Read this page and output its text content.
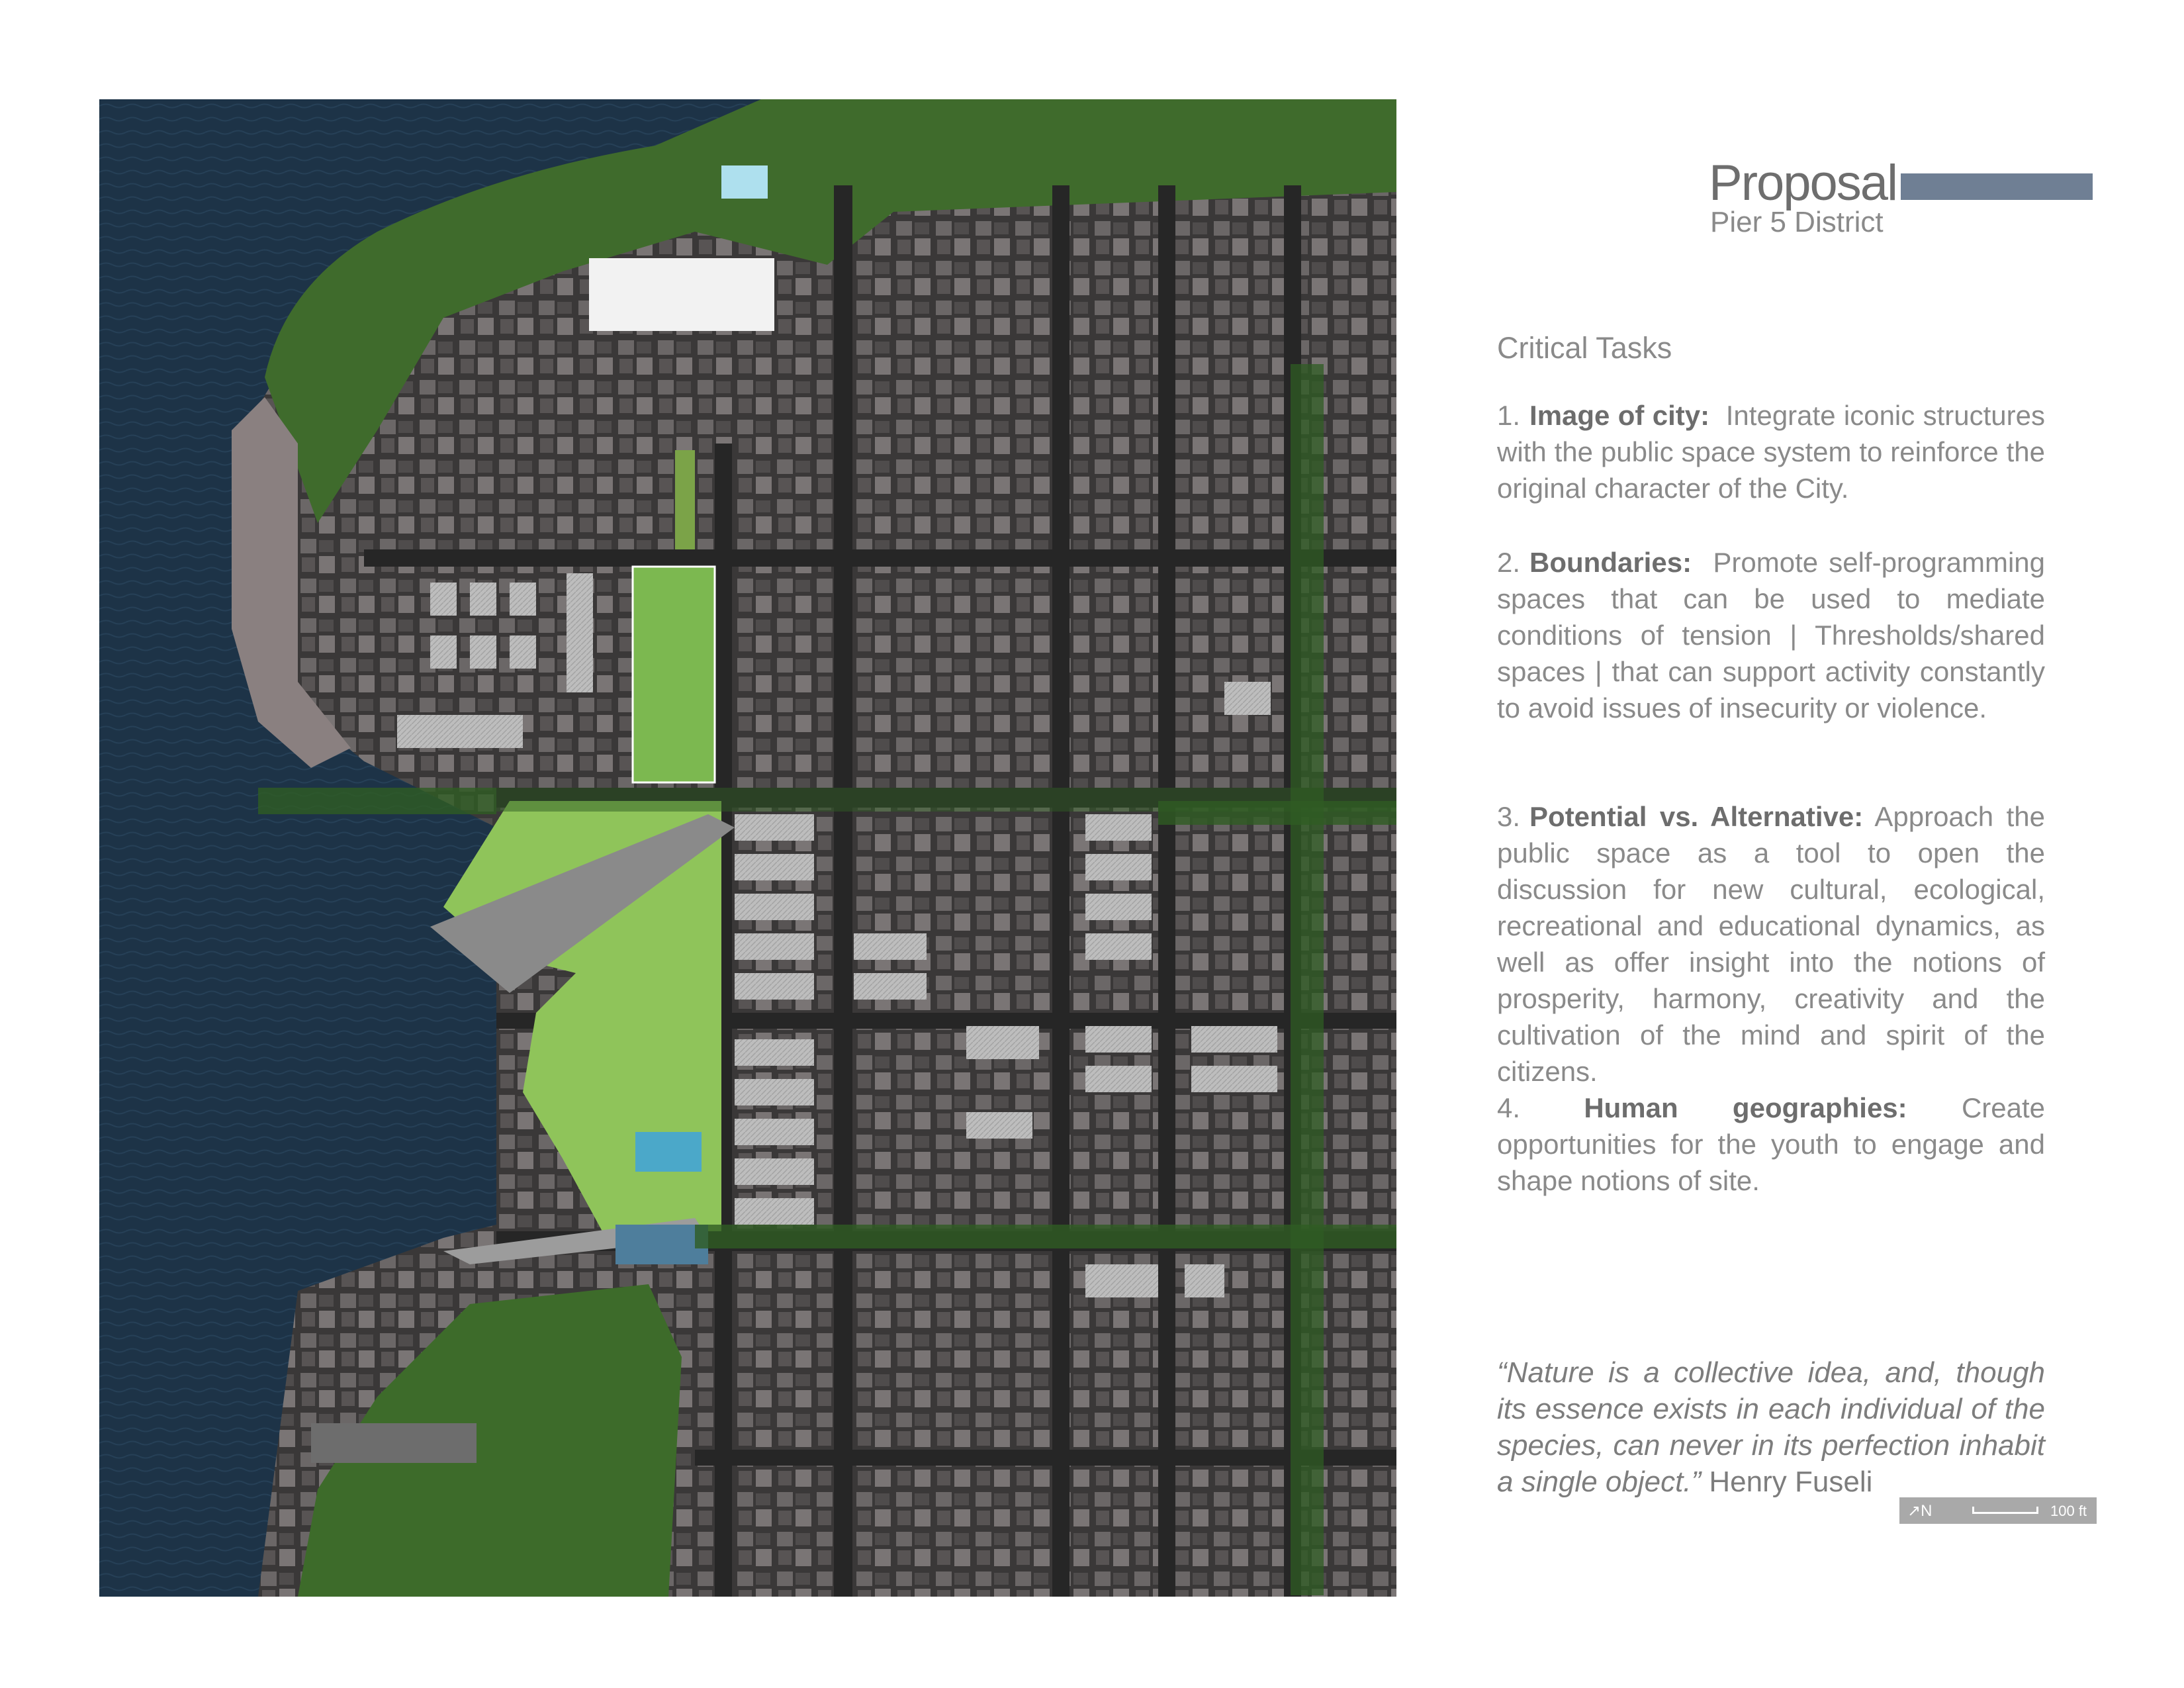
Proposal
Pier 5 District
Critical Tasks
1. Image of city: Integrate iconic structures with the public space system to reinforce the original character of the City.
2. Boundaries: Promote self-programming spaces that can be used to mediate conditions of tension | Thresholds/shared spaces | that can support activity constantly to avoid issues of insecurity or violence.
3. Potential vs. Alternative: Approach the public space as a tool to open the discussion for new cultural, ecological, recreational and educational dynamics, as well as offer insight into the notions of prosperity, harmony, creativity and the cultivation of the mind and spirit of the citizens.
4. Human geographies: Create opportunities for the youth to engage and shape notions of site.
“Nature is a collective idea, and, though its essence exists in each individual of the species, can never in its perfection inhabit a single object.” Henry Fuseli
↗N	100 ft
